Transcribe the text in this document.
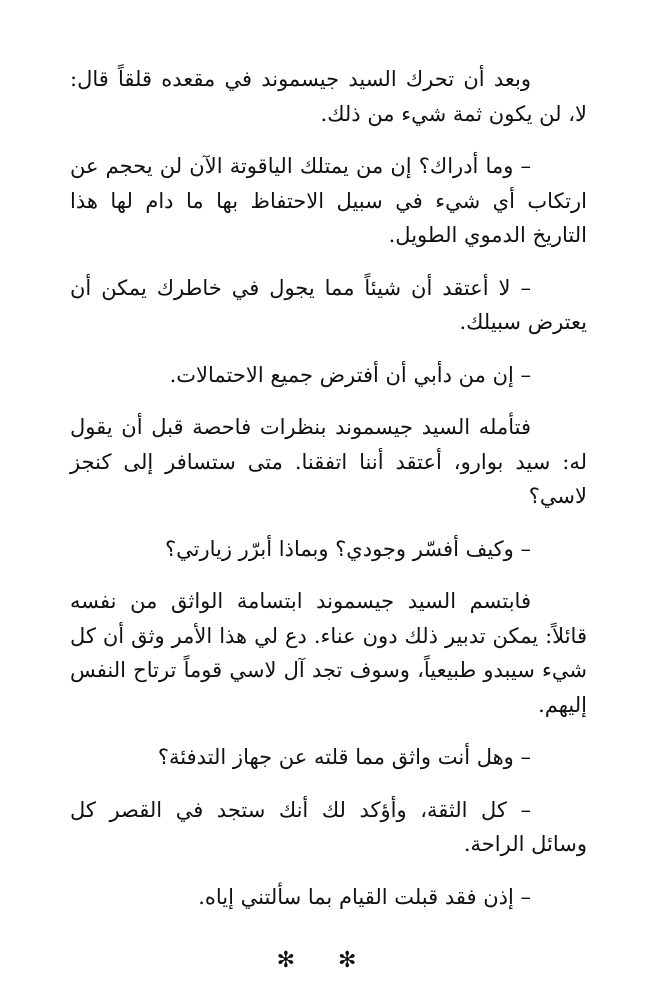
وبعد أن تحرك السيد جيسموند في مقعده قلقاً قال: لا، لن يكون ثمة شيء من ذلك.

– وما أدراك؟ إن من يمتلك الياقوتة الآن لن يحجم عن ارتكاب أي شيء في سبيل الاحتفاظ بها ما دام لها هذا التاريخ الدموي الطويل.

– لا أعتقد أن شيئاً مما يجول في خاطرك يمكن أن يعترض سبيلك.

– إن من دأبي أن أفترض جميع الاحتمالات.

فتأمله السيد جيسموند بنظرات فاحصة قبل أن يقول له: سيد بوارو، أعتقد أننا اتفقنا. متى ستسافر إلى كنجز لاسي؟

– وكيف أفسّر وجودي؟ وبماذا أبرّر زيارتي؟

فابتسم السيد جيسموند ابتسامة الواثق من نفسه قائلاً: يمكن تدبير ذلك دون عناء. دع لي هذا الأمر وثق أن كل شيء سيبدو طبيعياً، وسوف تجد آل لاسي قوماً ترتاح النفس إليهم.

– وهل أنت واثق مما قلته عن جهاز التدفئة؟

– كل الثقة، وأؤكد لك أنك ستجد في القصر كل وسائل الراحة.

– إذن فقد قبلت القيام بما سألتني إياه.

✻ ✻
